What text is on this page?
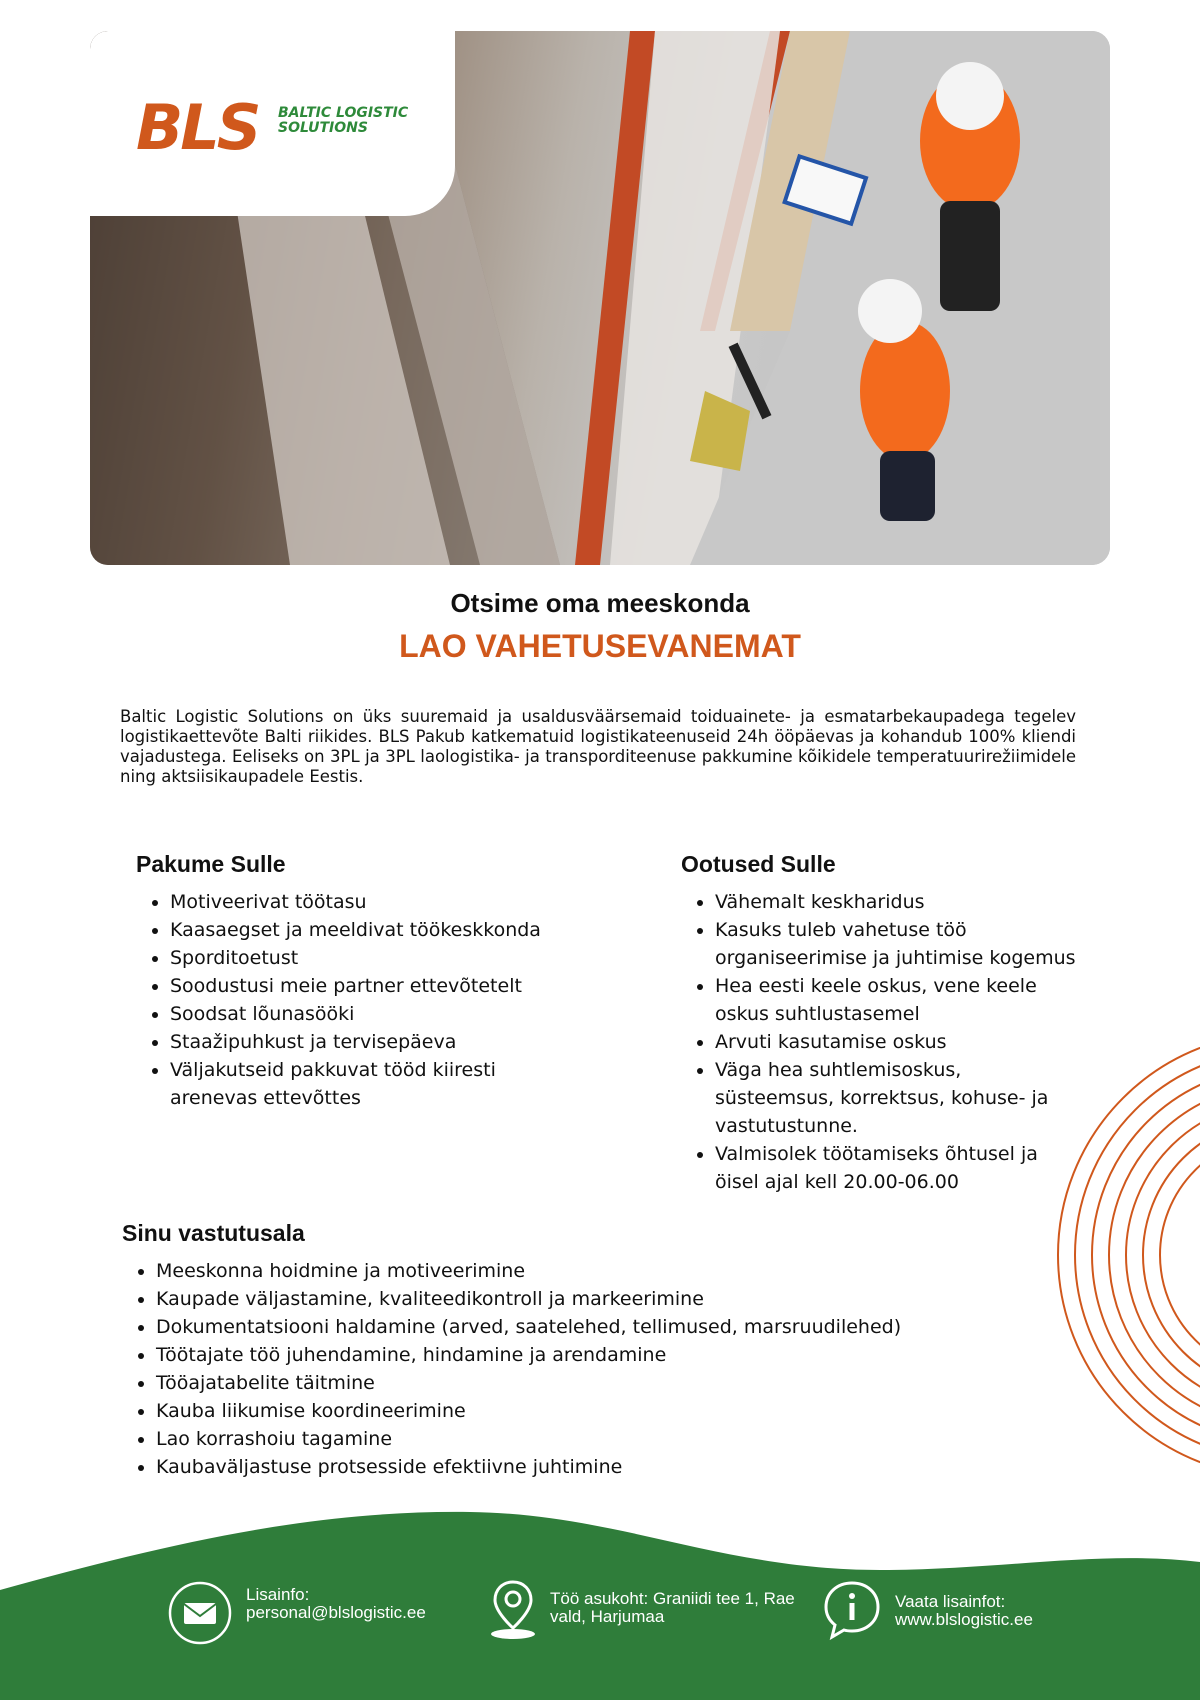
BLS BALTIC LOGISTIC
SOLUTIONS
Otsime oma meeskonda
LAO VAHETUSEVANEMAT

Baltic Logistic Solutions on üks suuremaid ja usaldusväärsemaid toiduainete- ja esmatarbekaupadega tegelev logistikaettevõte Balti riikides. BLS Pakub katkematuid logistikateenuseid 24h ööpäevas ja kohandub 100% kliendi vajadustega. Eeliseks on 3PL ja 3PL laologistika- ja transporditeenuse pakkumine kõikidele temperatuurirežiimidele ning aktsiisikaupadele Eestis.

Pakume Sulle
• Motiveerivat töötasu
• Kaasaegset ja meeldivat töökeskkonda
• Sporditoetust
• Soodustusi meie partner ettevõtetelt
• Soodsat lõunasööki
• Staažipuhkust ja tervisepäeva
• Väljakutseid pakkuvat tööd kiiresti arenevas ettevõttes
Ootused Sulle
• Vähemalt keskharidus
• Kasuks tuleb vahetuse töö organiseerimise ja juhtimise kogemus
• Hea eesti keele oskus, vene keele oskus suhtlustasemel
• Arvuti kasutamise oskus
• Väga hea suhtlemisoskus, süsteemsus, korrektsus, kohuse- ja vastutustunne.
• Valmisolek töötamiseks õhtusel ja öisel ajal kell 20.00-06.00
Sinu vastutusala
• Meeskonna hoidmine ja motiveerimine
• Kaupade väljastamine, kvaliteedikontroll ja markeerimine
• Dokumentatsiooni haldamine (arved, saatelehed, tellimused, marsruudilehed)
• Töötajate töö juhendamine, hindamine ja arendamine
• Tööajatabelite täitmine
• Kauba liikumise koordineerimine
• Lao korrashoiu tagamine
• Kaubaväljastuse protsesside efektiivne juhtimine
Lisainfo:
personal@blslogistic.ee
Töö asukoht: Graniidi tee 1, Rae
vald, Harjumaa
Vaata lisainfot:
www.blslogistic.ee
